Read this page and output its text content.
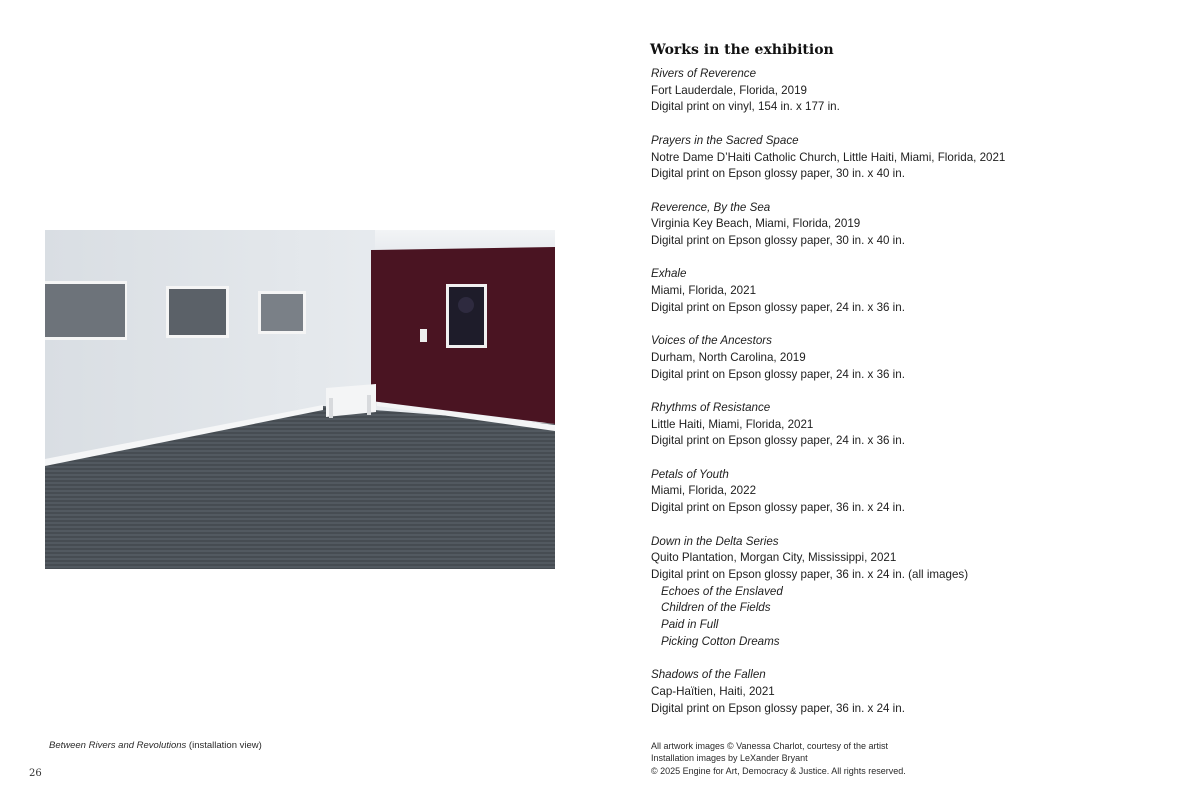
Between Rivers and Revolutions (installation view)
26
Works in the exhibition
Rivers of Reverence
Fort Lauderdale, Florida, 2019
Digital print on vinyl, 154 in. x 177 in.
Prayers in the Sacred Space
Notre Dame D’Haiti Catholic Church, Little Haiti, Miami, Florida, 2021
Digital print on Epson glossy paper, 30 in. x 40 in.
Reverence, By the Sea
Virginia Key Beach, Miami, Florida, 2019
Digital print on Epson glossy paper, 30 in. x 40 in.
Exhale
Miami, Florida, 2021
Digital print on Epson glossy paper, 24 in. x 36 in.
Voices of the Ancestors
Durham, North Carolina, 2019
Digital print on Epson glossy paper, 24 in. x 36 in.
Rhythms of Resistance
Little Haiti, Miami, Florida, 2021
Digital print on Epson glossy paper, 24 in. x 36 in.
Petals of Youth
Miami, Florida, 2022
Digital print on Epson glossy paper, 36 in. x 24 in.
Down in the Delta Series
Quito Plantation, Morgan City, Mississippi, 2021
Digital print on Epson glossy paper, 36 in. x 24 in. (all images)
Echoes of the Enslaved
Children of the Fields
Paid in Full
Picking Cotton Dreams
Shadows of the Fallen
Cap-Haïtien, Haiti, 2021
Digital print on Epson glossy paper, 36 in. x 24 in.
All artwork images © Vanessa Charlot, courtesy of the artist
Installation images by LeXander Bryant
© 2025 Engine for Art, Democracy & Justice. All rights reserved.
